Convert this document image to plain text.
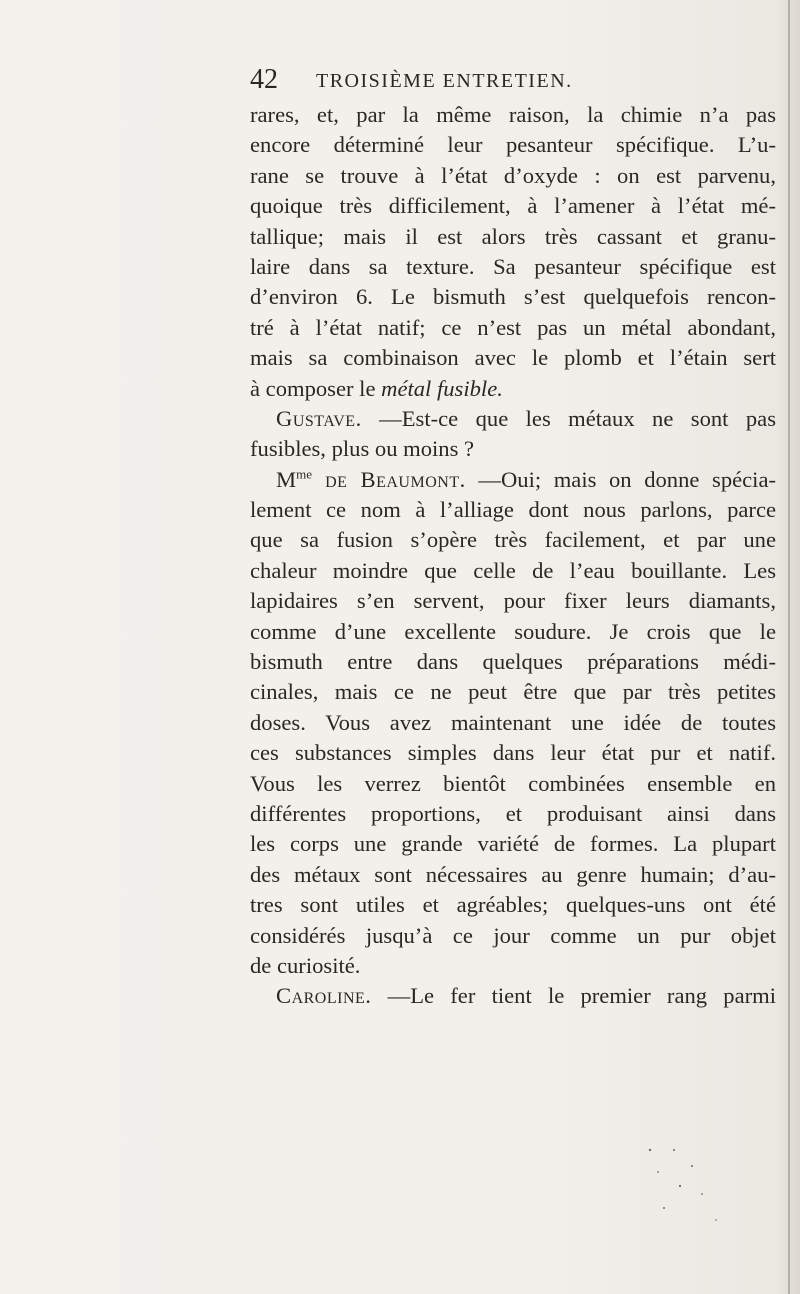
42 TROISIÈME ENTRETIEN.
rares, et, par la même raison, la chimie n’a pas
encore déterminé leur pesanteur spécifique. L’u-
rane se trouve à l’état d’oxyde : on est parvenu,
quoique très difficilement, à l’amener à l’état mé-
tallique; mais il est alors très cassant et granu-
laire dans sa texture. Sa pesanteur spécifique est
d’environ 6. Le bismuth s’est quelquefois rencon-
tré à l’état natif; ce n’est pas un métal abondant,
mais sa combinaison avec le plomb et l’étain sert
à composer le métal fusible.
Gustave. —Est-ce que les métaux ne sont pas
fusibles, plus ou moins ?
$M^{me}$ de Beaumont. —Oui; mais on donne spécia-
lement ce nom à l’alliage dont nous parlons, parce
que sa fusion s’opère très facilement, et par une
chaleur moindre que celle de l’eau bouillante. Les
lapidaires s’en servent, pour fixer leurs diamants,
comme d’une excellente soudure. Je crois que le
bismuth entre dans quelques préparations médi-
cinales, mais ce ne peut être que par très petites
doses. Vous avez maintenant une idée de toutes
ces substances simples dans leur état pur et natif.
Vous les verrez bientôt combinées ensemble en
différentes proportions, et produisant ainsi dans
les corps une grande variété de formes. La plupart
des métaux sont nécessaires au genre humain; d’au-
tres sont utiles et agréables; quelques-uns ont été
considérés jusqu’à ce jour comme un pur objet
de curiosité.
Caroline. —Le fer tient le premier rang parmi
